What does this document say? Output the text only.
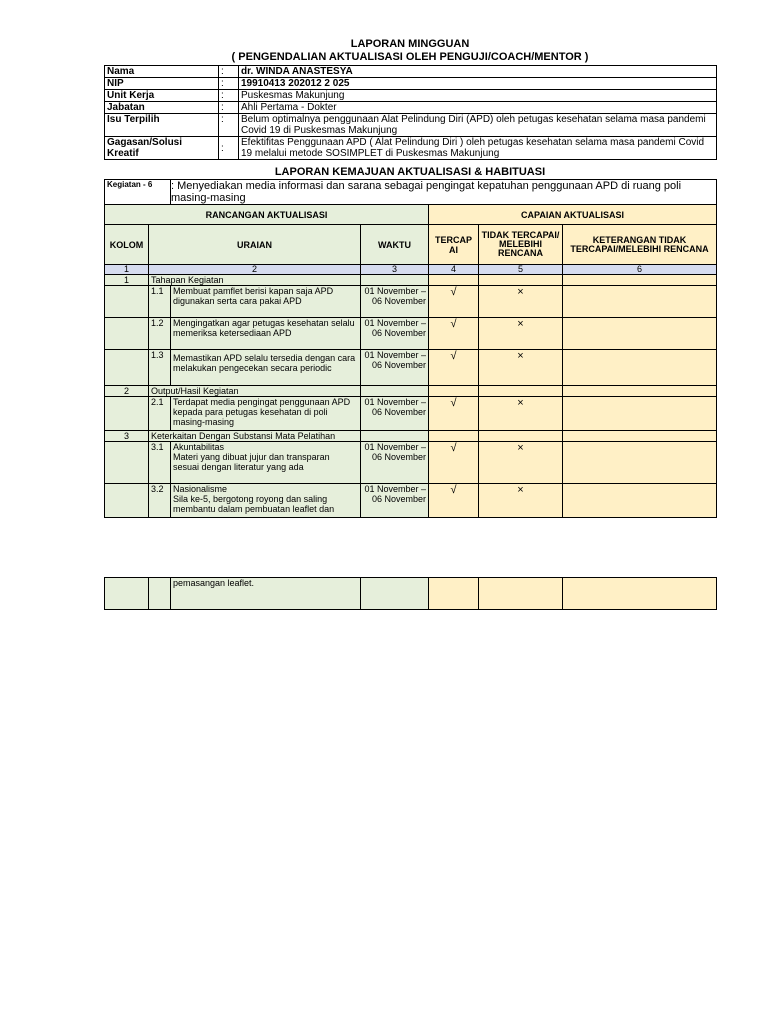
LAPORAN MINGGUAN
( PENGENDALIAN AKTUALISASI OLEH PENGUJI/COACH/MENTOR )
Nama	:	dr. WINDA ANASTESYA
NIP	:	19910413 202012 2 025
Unit Kerja	:	Puskesmas Makunjung
Jabatan	:	Ahli Pertama - Dokter
Isu Terpilih	:	Belum optimalnya penggunaan Alat Pelindung Diri (APD) oleh petugas kesehatan selama masa pandemi Covid 19 di Puskesmas Makunjung
Gagasan/Solusi Kreatif	:	Efektifitas Penggunaan APD ( Alat Pelindung Diri ) oleh petugas kesehatan selama masa pandemi Covid 19 melalui metode SOSIMPLET di Puskesmas Makunjung
LAPORAN KEMAJUAN AKTUALISASI & HABITUASI
Kegiatan - 6		: Menyediakan media informasi dan sarana sebagai pengingat kepatuhan penggunaan APD di ruang poli masing-masing				
RANCANGAN AKTUALISASI				CAPAIAN AKTUALISASI		
KOLOM	URAIAN		WAKTU	TERCAP AI	TIDAK TERCAPAI/ MELEBIHI RENCANA	KETERANGAN TIDAK TERCAPAI/MELEBIHI RENCANA
1	2		3	4	5	6
1	Tahapan Kegiatan					
	1.1	Membuat pamflet berisi kapan saja APD digunakan serta cara pakai APD	01 November – 06 November	√	×	
	1.2	Mengingatkan agar petugas kesehatan selalu memeriksa ketersediaan APD	01 November – 06 November	√	×	
	1.3	Memastikan APD selalu tersedia dengan cara melakukan pengecekan secara periodic	01 November – 06 November	√	×	
2	Output/Hasil Kegiatan					
	2.1	Terdapat media pengingat penggunaan APD kepada para petugas kesehatan di poli masing-masing	01 November – 06 November	√	×	
3	Keterkaitan Dengan Substansi Mata Pelatihan					
	3.1	Akuntabilitas
Materi yang dibuat jujur dan transparan sesuai dengan literatur yang ada	01 November – 06 November	√	×	
	3.2	Nasionalisme
Sila ke-5, bergotong royong dan saling membantu dalam pembuatan leaflet dan	01 November – 06 November	√	×	
		pemasangan leaflet.				
